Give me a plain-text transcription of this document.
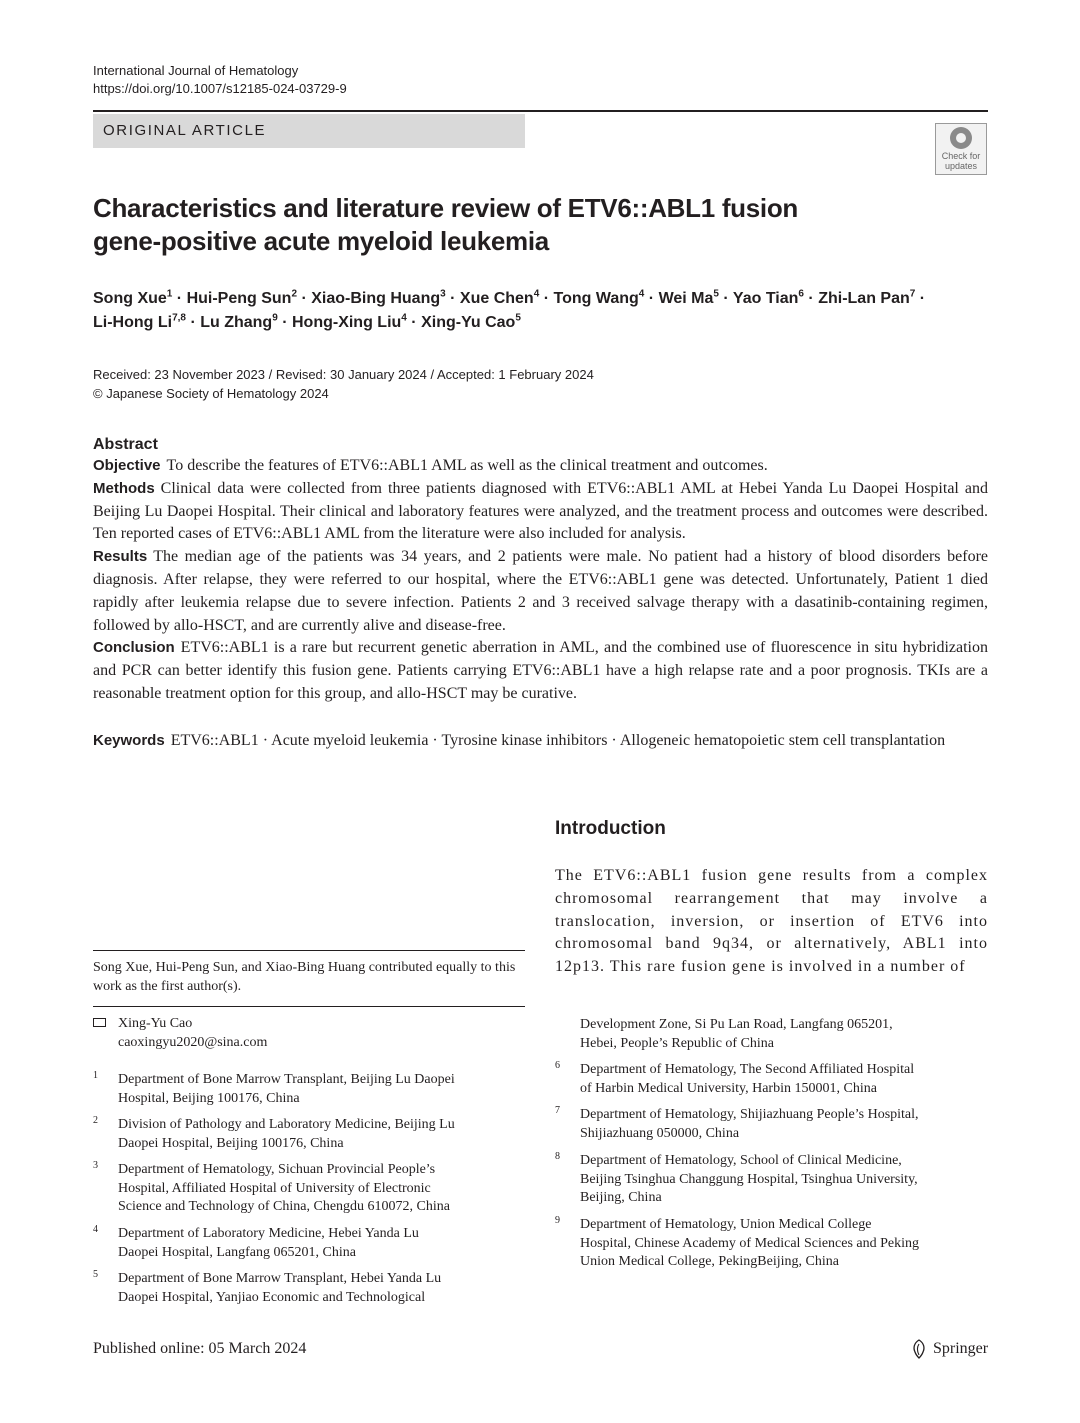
International Journal of Hematology
https://doi.org/10.1007/s12185-024-03729-9
ORIGINAL ARTICLE
Check for updates
Characteristics and literature review of ETV6::ABL1 fusion
gene-positive acute myeloid leukemia
Song Xue$^1$ · Hui-Peng Sun$^2$ · Xiao-Bing Huang$^3$ · Xue Chen$^4$ · Tong Wang$^4$ · Wei $Ma^5$ · Yao Tian$^6$ · Zhi-Lan Pan$^7$ ·
Li-Hong Li$^{7,8}$ · Lu Zhang$^9$ · Hong-Xing Liu$^4$ · Xing-Yu Cao$^5$
Received: 23 November 2023 / Revised: 30 January 2024 / Accepted: 1 February 2024
© Japanese Society of Hematology 2024
Abstract

Objective To describe the features of ETV6::ABL1 AML as well as the clinical treatment and outcomes.

Methods Clinical data were collected from three patients diagnosed with ETV6::ABL1 AML at Hebei Yanda Lu Daopei Hospital and Beijing Lu Daopei Hospital. Their clinical and laboratory features were analyzed, and the treatment process and outcomes were described. Ten reported cases of ETV6::ABL1 AML from the literature were also included for analysis.

Results The median age of the patients was 34 years, and 2 patients were male. No patient had a history of blood disorders before diagnosis. After relapse, they were referred to our hospital, where the ETV6::ABL1 gene was detected. Unfortunately, Patient 1 died rapidly after leukemia relapse due to severe infection. Patients 2 and 3 received salvage therapy with a dasatinib-containing regimen, followed by allo-HSCT, and are currently alive and disease-free.

Conclusion ETV6::ABL1 is a rare but recurrent genetic aberration in AML, and the combined use of fluorescence in situ hybridization and PCR can better identify this fusion gene. Patients carrying ETV6::ABL1 have a high relapse rate and a poor prognosis. TKIs are a reasonable treatment option for this group, and allo-HSCT may be curative.

Keywords ETV6::ABL1 · Acute myeloid leukemia · Tyrosine kinase inhibitors · Allogeneic hematopoietic stem cell transplantation
Introduction

The ETV6::ABL1 fusion gene results from a complex chromosomal rearrangement that may involve a translocation, inversion, or insertion of ETV6 into chromosomal band 9q34, or alternatively, ABL1 into 12p13. This rare fusion gene is involved in a number of

Song Xue, Hui-Peng Sun, and Xiao-Bing Huang contributed equally to this work as the first author(s).
Xing-Yu Cao
caoxingyu2020@sina.com
1 Department of Bone Marrow Transplant, Beijing Lu Daopei
Hospital, Beijing 100176, China
2 Division of Pathology and Laboratory Medicine, Beijing Lu
Daopei Hospital, Beijing 100176, China
3 Department of Hematology, Sichuan Provincial People’s
Hospital, Affiliated Hospital of University of Electronic
Science and Technology of China, Chengdu 610072, China
4 Department of Laboratory Medicine, Hebei Yanda Lu
Daopei Hospital, Langfang 065201, China
5 Department of Bone Marrow Transplant, Hebei Yanda Lu
Daopei Hospital, Yanjiao Economic and Technological
Development Zone, Si Pu Lan Road, Langfang 065201,
Hebei, People’s Republic of China
6 Department of Hematology, The Second Affiliated Hospital
of Harbin Medical University, Harbin 150001, China
7 Department of Hematology, Shijiazhuang People’s Hospital,
Shijiazhuang 050000, China
8 Department of Hematology, School of Clinical Medicine,
Beijing Tsinghua Changgung Hospital, Tsinghua University,
Beijing, China
9 Department of Hematology, Union Medical College
Hospital, Chinese Academy of Medical Sciences and Peking
Union Medical College, PekingBeijing, China
Published online: 05 March 2024	Springer
